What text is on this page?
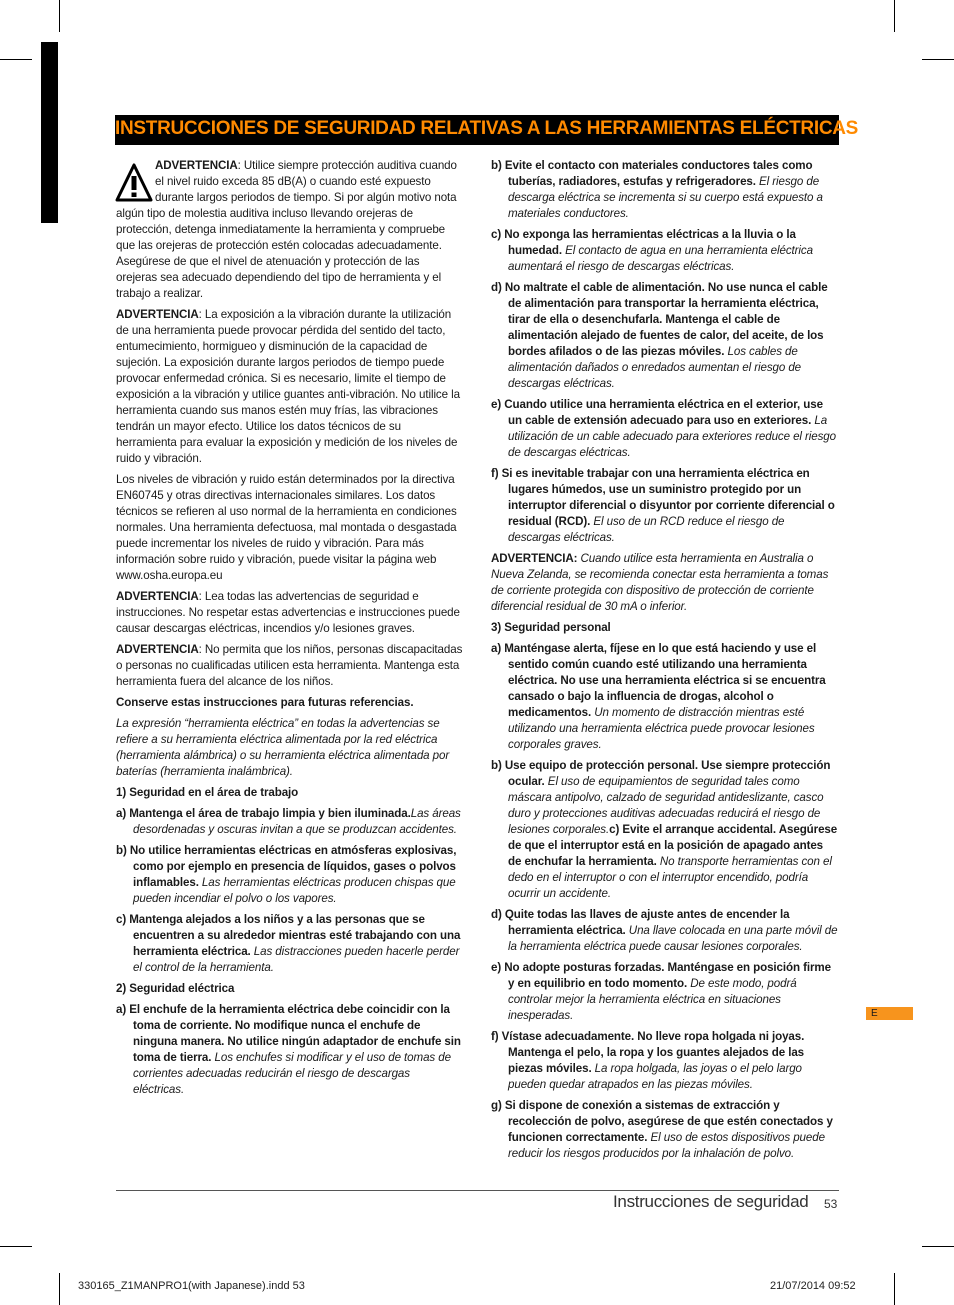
INSTRUCCIONES DE SEGURIDAD RELATIVAS A LAS HERRAMIENTAS ELÉCTRICAS

ADVERTENCIA: Utilice siempre protección auditiva cuando el nivel ruido exceda 85 dB(A) o cuando esté expuesto durante largos periodos de tiempo. Si por algún motivo nota algún tipo de molestia auditiva incluso llevando orejeras de protección, detenga inmediatamente la herramienta y compruebe que las orejeras de protección estén colocadas adecuadamente. Asegúrese de que el nivel de atenuación y protección de las orejeras sea adecuado dependiendo del tipo de herramienta y el trabajo a realizar.

ADVERTENCIA: La exposición a la vibración durante la utilización de una herramienta puede provocar pérdida del sentido del tacto, entumecimiento, hormigueo y disminución de la capacidad de sujeción. La exposición durante largos periodos de tiempo puede provocar enfermedad crónica. Si es necesario, limite el tiempo de exposición a la vibración y utilice guantes anti-vibración. No utilice la herramienta cuando sus manos estén muy frías, las vibraciones tendrán un mayor efecto. Utilice los datos técnicos de su herramienta para evaluar la exposición y medición de los niveles de ruido y vibración.

Los niveles de vibración y ruido están determinados por la directiva EN60745 y otras directivas internacionales similares. Los datos técnicos se refieren al uso normal de la herramienta en condiciones normales. Una herramienta defectuosa, mal montada o desgastada puede incrementar los niveles de ruido y vibración. Para más información sobre ruido y vibración, puede visitar la página web www.osha.europa.eu

ADVERTENCIA: Lea todas las advertencias de seguridad e instrucciones. No respetar estas advertencias e instrucciones puede causar descargas eléctricas, incendios y/o lesiones graves.

ADVERTENCIA: No permita que los niños, personas discapacitadas o personas no cualificadas utilicen esta herramienta. Mantenga esta herramienta fuera del alcance de los niños.

Conserve estas instrucciones para futuras referencias.

La expresión “herramienta eléctrica” en todas la advertencias se refiere a su herramienta eléctrica alimentada por la red eléctrica (herramienta alámbrica) o su herramienta eléctrica alimentada por baterías (herramienta inalámbrica).

1) Seguridad en el área de trabajo

a) Mantenga el área de trabajo limpia y bien iluminada.Las áreas desordenadas y oscuras invitan a que se produzcan accidentes.

b) No utilice herramientas eléctricas en atmósferas explosivas, como por ejemplo en presencia de líquidos, gases o polvos inflamables. Las herramientas eléctricas producen chispas que pueden incendiar el polvo o los vapores.

c) Mantenga alejados a los niños y a las personas que se encuentren a su alrededor mientras esté trabajando con una herramienta eléctrica. Las distracciones pueden hacerle perder el control de la herramienta.

2) Seguridad eléctrica

a) El enchufe de la herramienta eléctrica debe coincidir con la toma de corriente. No modifique nunca el enchufe de ninguna manera. No utilice ningún adaptador de enchufe sin toma de tierra. Los enchufes si modificar y el uso de tomas de corrientes adecuadas reducirán el riesgo de descargas eléctricas.

b) Evite el contacto con materiales conductores tales como tuberías, radiadores, estufas y refrigeradores. El riesgo de descarga eléctrica se incrementa si su cuerpo está expuesto a materiales conductores.

c) No exponga las herramientas eléctricas a la lluvia o la humedad. El contacto de agua en una herramienta eléctrica aumentará el riesgo de descargas eléctricas.

d) No maltrate el cable de alimentación. No use nunca el cable de alimentación para transportar la herramienta eléctrica, tirar de ella o desenchufarla. Mantenga el cable de alimentación alejado de fuentes de calor, del aceite, de los bordes afilados o de las piezas móviles. Los cables de alimentación dañados o enredados aumentan el riesgo de descargas eléctricas.

e) Cuando utilice una herramienta eléctrica en el exterior, use un cable de extensión adecuado para uso en exteriores. La utilización de un cable adecuado para exteriores reduce el riesgo de descargas eléctricas.

f) Si es inevitable trabajar con una herramienta eléctrica en lugares húmedos, use un suministro protegido por un interruptor diferencial o disyuntor por corriente diferencial o residual (RCD). El uso de un RCD reduce el riesgo de descargas eléctricas.

ADVERTENCIA: Cuando utilice esta herramienta en Australia o Nueva Zelanda, se recomienda conectar esta herramienta a tomas de corriente protegida con dispositivo de protección de corriente diferencial residual de 30 mA o inferior.

3) Seguridad personal

a) Manténgase alerta, fíjese en lo que está haciendo y use el sentido común cuando esté utilizando una herramienta eléctrica. No use una herramienta eléctrica si se encuentra cansado o bajo la influencia de drogas, alcohol o medicamentos. Un momento de distracción mientras esté utilizando una herramienta eléctrica puede provocar lesiones corporales graves.

b) Use equipo de protección personal. Use siempre protección ocular. El uso de equipamientos de seguridad tales como máscara antipolvo, calzado de seguridad antideslizante, casco duro y protecciones auditivas adecuadas reducirá el riesgo de lesiones corporales.c) Evite el arranque accidental. Asegúrese de que el interruptor está en la posición de apagado antes de enchufar la herramienta. No transporte herramientas con el dedo en el interruptor o con el interruptor encendido, podría ocurrir un accidente.

d) Quite todas las llaves de ajuste antes de encender la herramienta eléctrica. Una llave colocada en una parte móvil de la herramienta eléctrica puede causar lesiones corporales.

e) No adopte posturas forzadas. Manténgase en posición firme y en equilibrio en todo momento. De este modo, podrá controlar mejor la herramienta eléctrica en situaciones inesperadas.

f) Vístase adecuadamente. No lleve ropa holgada ni joyas. Mantenga el pelo, la ropa y los guantes alejados de las piezas móviles. La ropa holgada, las joyas o el pelo largo pueden quedar atrapados en las piezas móviles.

g) Si dispone de conexión a sistemas de extracción y recolección de polvo, asegúrese de que estén conectados y funcionen correctamente. El uso de estos dispositivos puede reducir los riesgos producidos por la inhalación de polvo.

E
Instrucciones de seguridad 53
330165_Z1MANPRO1(with Japanese).indd 53	21/07/2014 09:52
